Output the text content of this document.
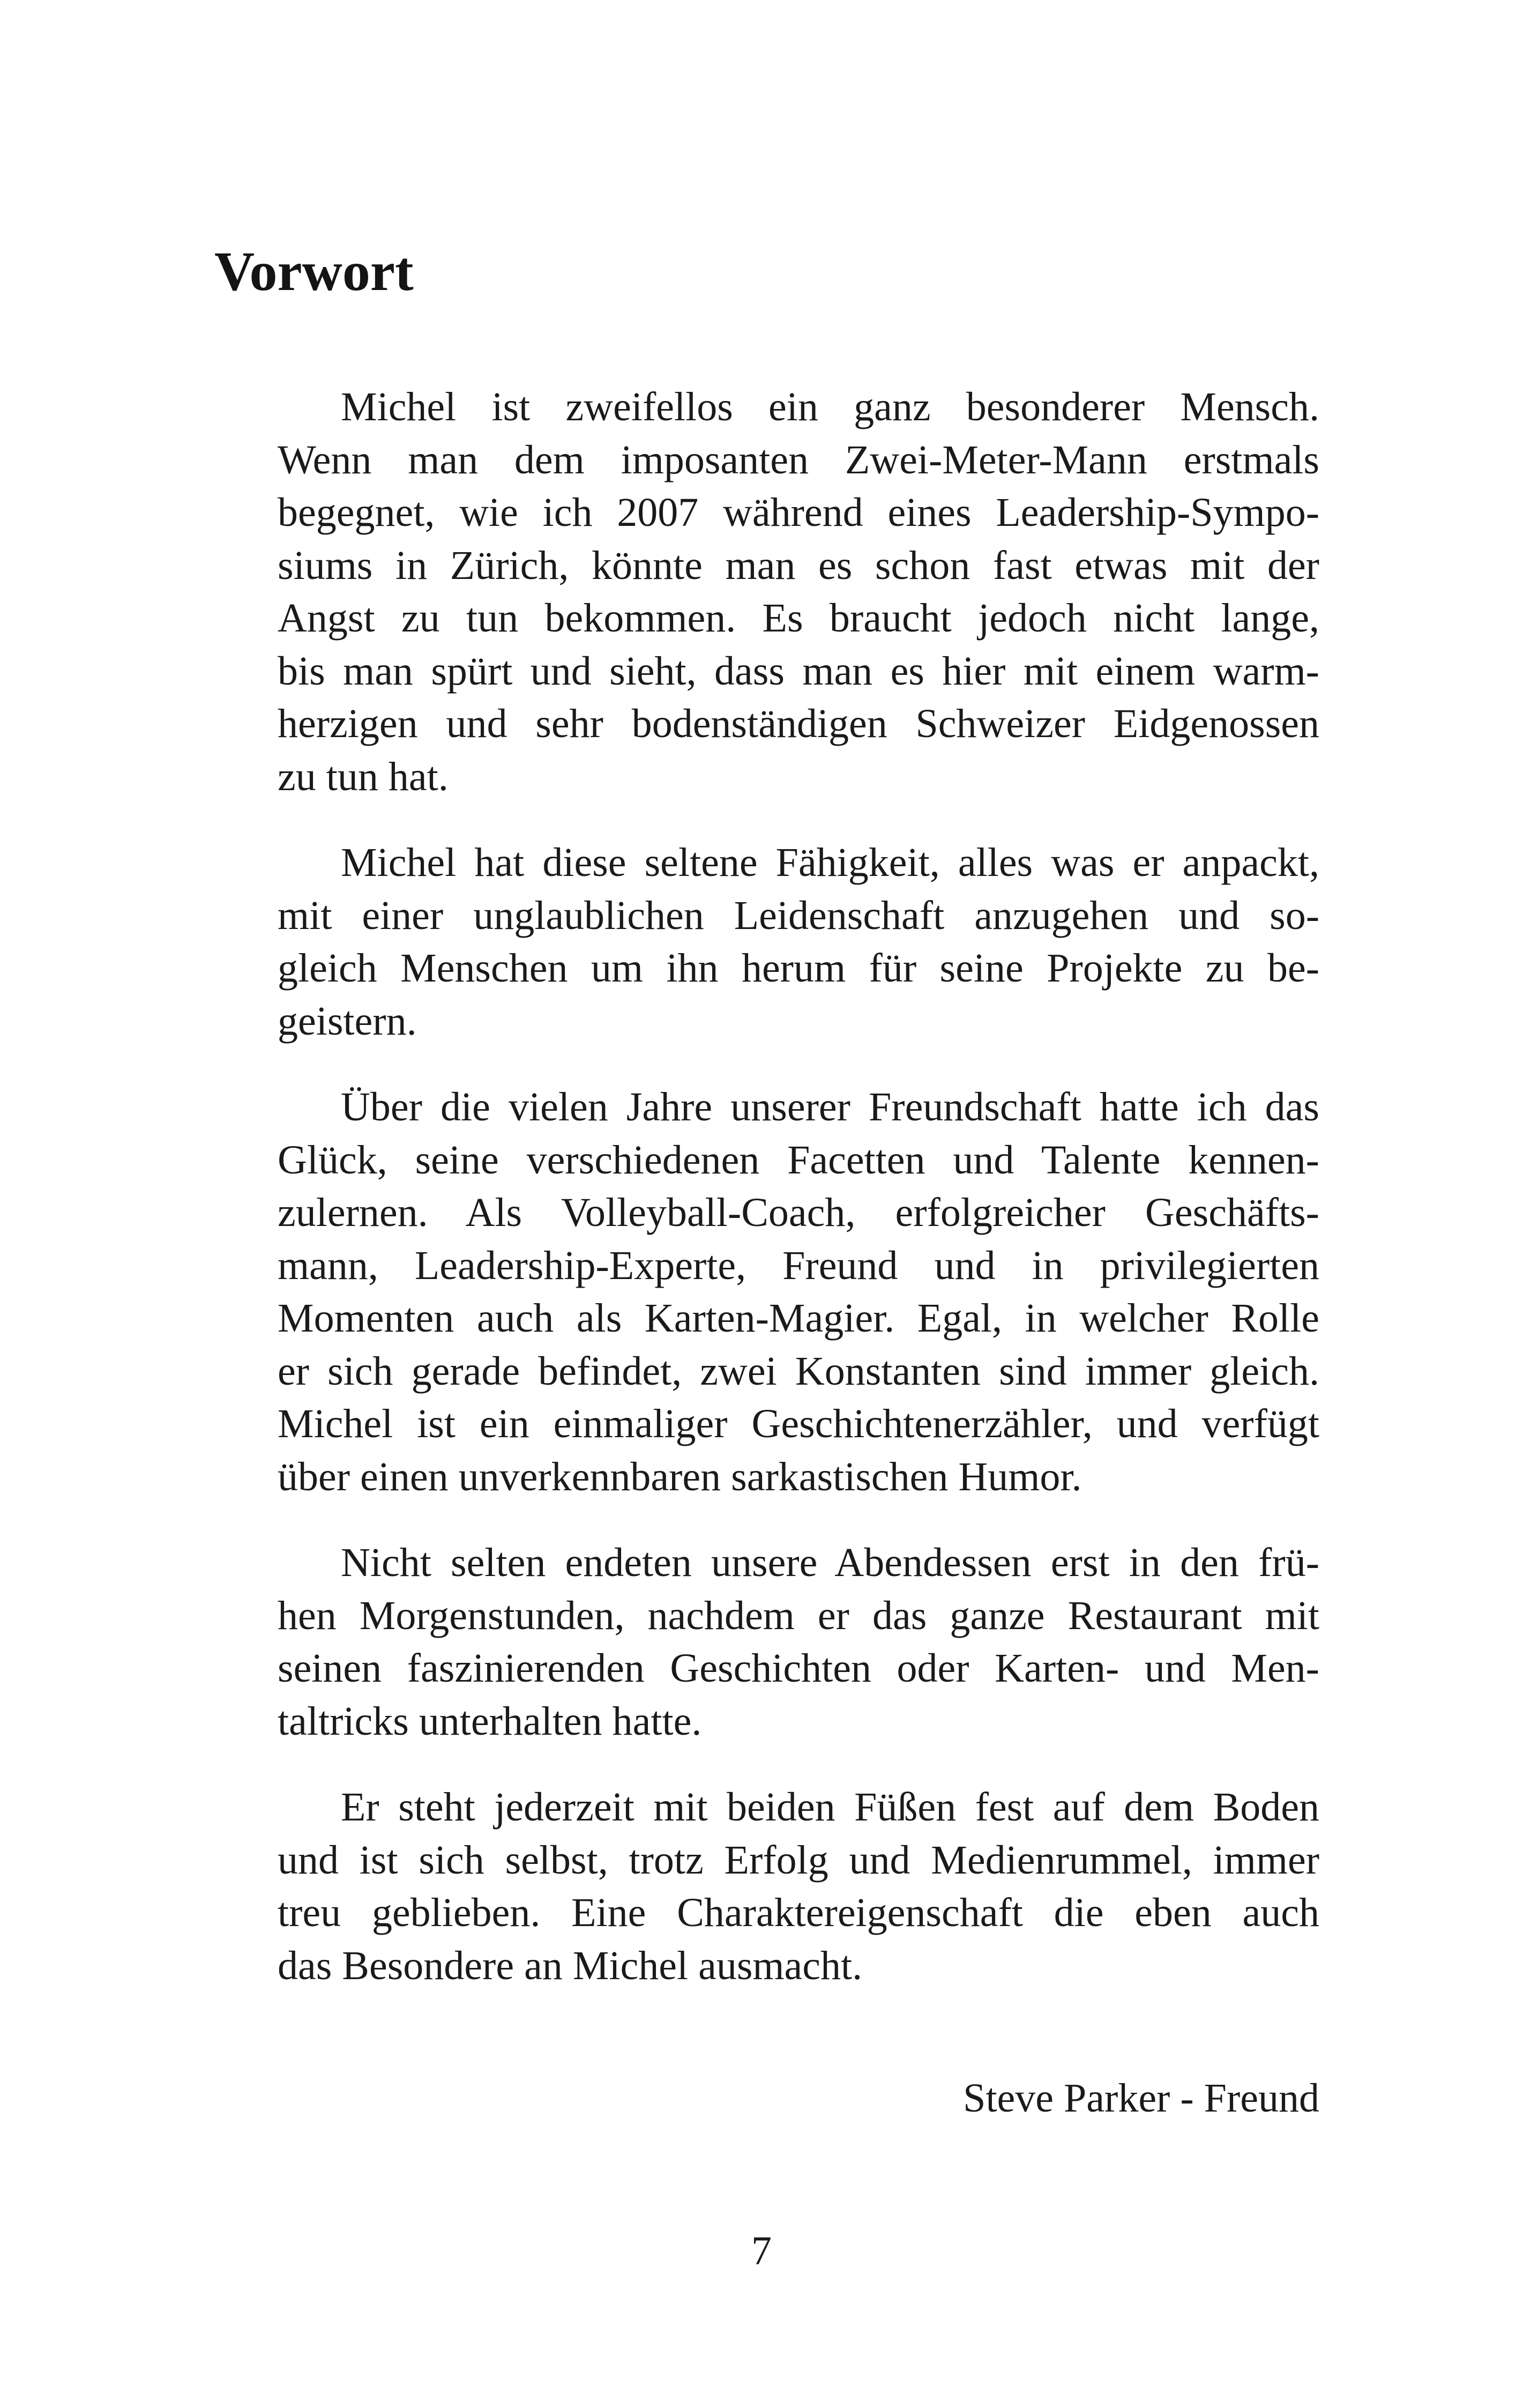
Vorwort

Michel ist zweifellos ein ganz besonderer Mensch.
Wenn man dem imposanten Zwei-Meter-Mann erstmals
begegnet, wie ich 2007 während eines Leadership-Sympo-
siums in Zürich, könnte man es schon fast etwas mit der
Angst zu tun bekommen. Es braucht jedoch nicht lange,
bis man spürt und sieht, dass man es hier mit einem warm-
herzigen und sehr bodenständigen Schweizer Eidgenossen
zu tun hat.

Michel hat diese seltene Fähigkeit, alles was er anpackt,
mit einer unglaublichen Leidenschaft anzugehen und so-
gleich Menschen um ihn herum für seine Projekte zu be-
geistern.

Über die vielen Jahre unserer Freundschaft hatte ich das
Glück, seine verschiedenen Facetten und Talente kennen-
zulernen. Als Volleyball-Coach, erfolgreicher Geschäfts-
mann, Leadership-Experte, Freund und in privilegierten
Momenten auch als Karten-Magier. Egal, in welcher Rolle
er sich gerade befindet, zwei Konstanten sind immer gleich.
Michel ist ein einmaliger Geschichtenerzähler, und verfügt
über einen unverkennbaren sarkastischen Humor.

Nicht selten endeten unsere Abendessen erst in den frü-
hen Morgenstunden, nachdem er das ganze Restaurant mit
seinen faszinierenden Geschichten oder Karten- und Men-
taltricks unterhalten hatte.

Er steht jederzeit mit beiden Füßen fest auf dem Boden
und ist sich selbst, trotz Erfolg und Medienrummel, immer
treu geblieben. Eine Charaktereigenschaft die eben auch
das Besondere an Michel ausmacht.

Steve Parker - Freund
7
